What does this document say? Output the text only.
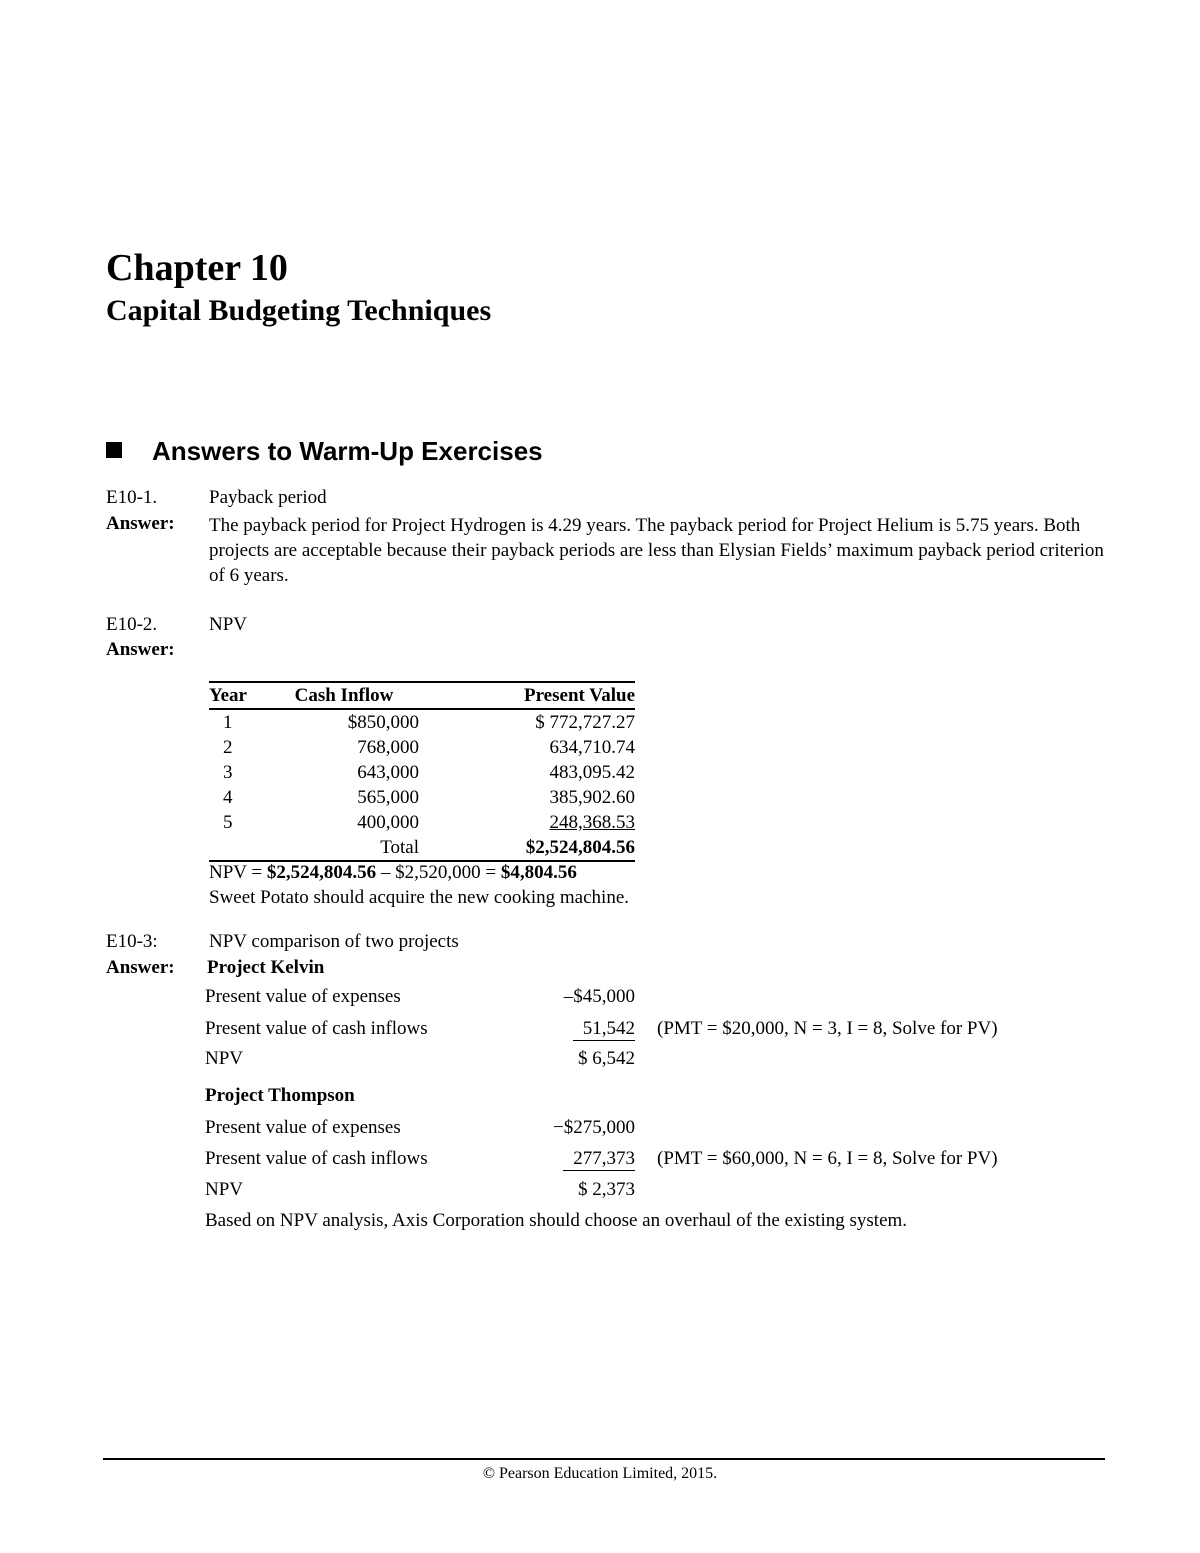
Chapter 10
Capital Budgeting Techniques
Answers to Warm-Up Exercises
E10-1.	Payback period
Answer: The payback period for Project Hydrogen is 4.29 years. The payback period for Project Helium is 5.75 years. Both projects are acceptable because their payback periods are less than Elysian Fields’ maximum payback period criterion of 6 years.
E10-2.	NPV
Answer:
Year	Cash Inflow	Present Value
1	$850,000	$ 772,727.27
2	768,000	634,710.74
3	643,000	483,095.42
4	565,000	385,902.60
5	400,000	248,368.53
	Total	$2,524,804.56
NPV = $2,524,804.56 – $2,520,000 = $4,804.56
Sweet Potato should acquire the new cooking machine.
E10-3:	NPV comparison of two projects
Answer: Project Kelvin
Present value of expenses	–$45,000
Present value of cash inflows	51,542 (PMT = $20,000, N = 3, I = 8, Solve for PV)
NPV	$ 6,542
Project Thompson
Present value of expenses	−$275,000
Present value of cash inflows	277,373 (PMT = $60,000, N = 6, I = 8, Solve for PV)
NPV	$ 2,373
Based on NPV analysis, Axis Corporation should choose an overhaul of the existing system.
© Pearson Education Limited, 2015.
